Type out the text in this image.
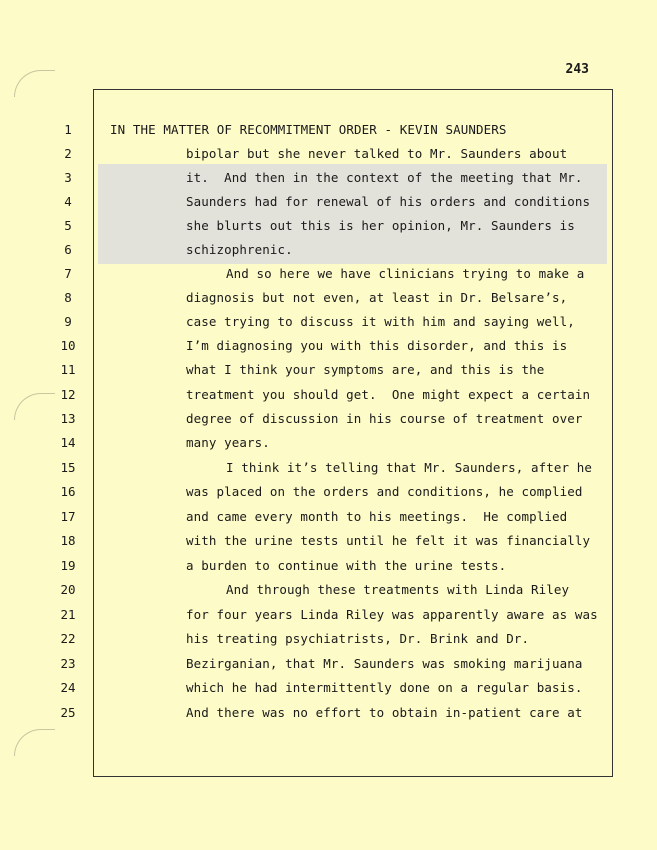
243
1	IN THE MATTER OF RECOMMITMENT ORDER - KEVIN SAUNDERS
2	bipolar but she never talked to Mr. Saunders about
3	it.  And then in the context of the meeting that Mr.
4	Saunders had for renewal of his orders and conditions
5	she blurts out this is her opinion, Mr. Saunders is
6	schizophrenic.
7	And so here we have clinicians trying to make a
8	diagnosis but not even, at least in Dr. Belsare’s,
9	case trying to discuss it with him and saying well,
10	I’m diagnosing you with this disorder, and this is
11	what I think your symptoms are, and this is the
12	treatment you should get.  One might expect a certain
13	degree of discussion in his course of treatment over
14	many years.
15	I think it’s telling that Mr. Saunders, after he
16	was placed on the orders and conditions, he complied
17	and came every month to his meetings.  He complied
18	with the urine tests until he felt it was financially
19	a burden to continue with the urine tests.
20	And through these treatments with Linda Riley
21	for four years Linda Riley was apparently aware as was
22	his treating psychiatrists, Dr. Brink and Dr.
23	Bezirganian, that Mr. Saunders was smoking marijuana
24	which he had intermittently done on a regular basis.
25	And there was no effort to obtain in-patient care at
